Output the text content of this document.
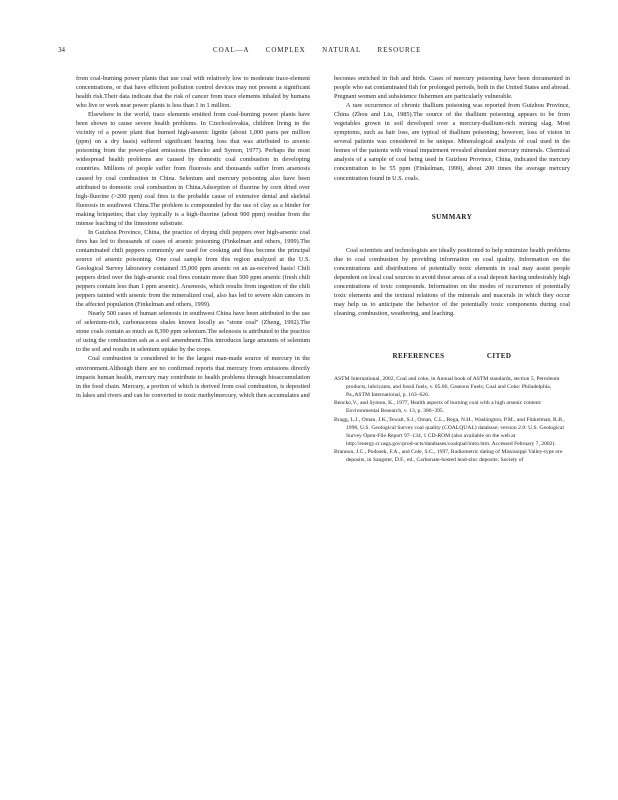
34	COAL—A COMPLEX NATURAL RESOURCE

from coal-burning power plants that use coal with relatively low to moderate trace-element concentrations, or that have efficient pollution control devices may not present a significant health risk.Their data indicate that the risk of cancer from trace elements inhaled by humans who live or work near power plants is less than 1 in 1 million.

Elsewhere in the world, trace elements emitted from coal-burning power plants have been shown to cause severe health problems. In Czechoslovakia, children living in the vicinity of a power plant that burned high-arsenic lignite (about 1,000 parts per million (ppm) on a dry basis) suffered significant hearing loss that was attributed to arsenic poisoning from the power-plant emissions (Bencko and Symon, 1977). Perhaps the most widespread health problems are caused by domestic coal combustion in developing countries. Millions of people suffer from fluorosis and thousands suffer from arsenosis caused by coal combustion in China. Selenium and mercury poisoning also have been attributed to domestic coal combustion in China.Adsorption of fluorine by corn dried over high-fluorine (>200 ppm) coal fires is the probable cause of extensive dental and skeletal fluorosis in southwest China.The problem is compounded by the use of clay as a binder for making briquettes; that clay typically is a high-fluorine (about 900 ppm) residue from the intense leaching of the limestone substrate.

In Guizhou Province, China, the practice of drying chili peppers over high-arsenic coal fires has led to thousands of cases of arsenic poisoning (Finkelman and others, 1999).The contaminated chili peppers commonly are used for cooking and thus become the principal source of arsenic poisoning. One coal sample from this region analyzed at the U.S. Geological Survey laboratory contained 35,000 ppm arsenic on an as-received basis! Chili peppers dried over the high-arsenic coal fires contain more than 500 ppm arsenic (fresh chili peppers contain less than 1 ppm arsenic). Arsenosis, which results from ingestion of the chili peppers tainted with arsenic from the mineralized coal, also has led to severe skin cancers in the affected population (Finkelman and others, 1999).

Nearly 500 cases of human selenosis in southwest China have been attributed to the use of selenium-rich, carbonaceous shales known locally as "stone coal" (Zheng, 1992).The stone coals contain as much as 8,390 ppm selenium.The selenosis is attributed to the practice of using the combustion ash as a soil amendment.This introduces large amounts of selenium to the soil and results in selenium uptake by the crops.

Coal combustion is considered to be the largest man-made source of mercury in the environment.Although there are no confirmed reports that mercury from emissions directly impacts human health, mercury may contribute to health problems through bioaccumulation in the food chain. Mercury, a portion of which is derived from coal combustion, is deposited in lakes and rivers and can be converted to toxic methylmercury, which then accumulates and

becomes enriched in fish and birds. Cases of mercury poisoning have been documented in people who eat contaminated fish for prolonged periods, both in the United States and abroad. Pregnant women and subsistence fishermen are particularly vulnerable.

A rare occurrence of chronic thallium poisoning was reported from Guizhou Province, China (Zhou and Liu, 1985).The source of the thallium poisoning appears to be from vegetables grown in soil developed over a mercury-thallium-rich mining slag. Most symptoms, such as hair loss, are typical of thallium poisoning; however, loss of vision in several patients was considered to be unique. Mineralogical analysis of coal used in the homes of the patients with visual impairment revealed abundant mercury minerals. Chemical analysis of a sample of coal being used in Guizhou Province, China, indicated the mercury concentration to be 55 ppm (Finkelman, 1999), about 200 times the average mercury concentration found in U.S. coals.

SUMMARY

Coal scientists and technologists are ideally positioned to help minimize health problems due to coal combustion by providing information on coal quality. Information on the concentrations and distributions of potentially toxic elements in coal may assist people dependent on local coal sources to avoid those areas of a coal deposit having undesirably high concentrations of toxic compounds. Information on the modes of occurrence of potentially toxic elements and the textural relations of the minerals and macerals in which they occur may help us to anticipate the behavior of the potentially toxic components during coal cleaning, combustion, weathering, and leaching.

REFERENCES CITED

ASTM International, 2002, Coal and coke, in Annual book of ASTM standards, section 5, Petroleum products, lubricants, and fossil fuels, v. 05.06, Gaseous Fuels; Coal and Coke: Philadelphia, Pa.,ASTM International, p. 163–626.

Bencko,V., and Symon, K., 1977, Health aspects of burning coal with a high arsenic content: Environmental Research, v. 13, p. 386–395.

Bragg, L.J., Oman, J.K.,Tewalt, S.J., Oman, C.L., Rega, N.H., Washington, P.M., and Finkelman, R.B., 1998, U.S. Geological Survey coal quality (COALQUAL) database; version 2.0: U.S. Geological Survey Open-File Report 97–134, 1 CD-ROM (also available on the web at http://energy.cr.usgs.gov/prod-ucts/databases/coalqual/intro.htm. Accessed February 7, 2002).

Brannon, J.C., Podosek, F.A., and Cole, S.C., 1997, Radiometric dating of Mississippi Valley-type ore deposits, in Sangster, D.F., ed., Carbonate-hosted lead-zinc deposits: Society of
